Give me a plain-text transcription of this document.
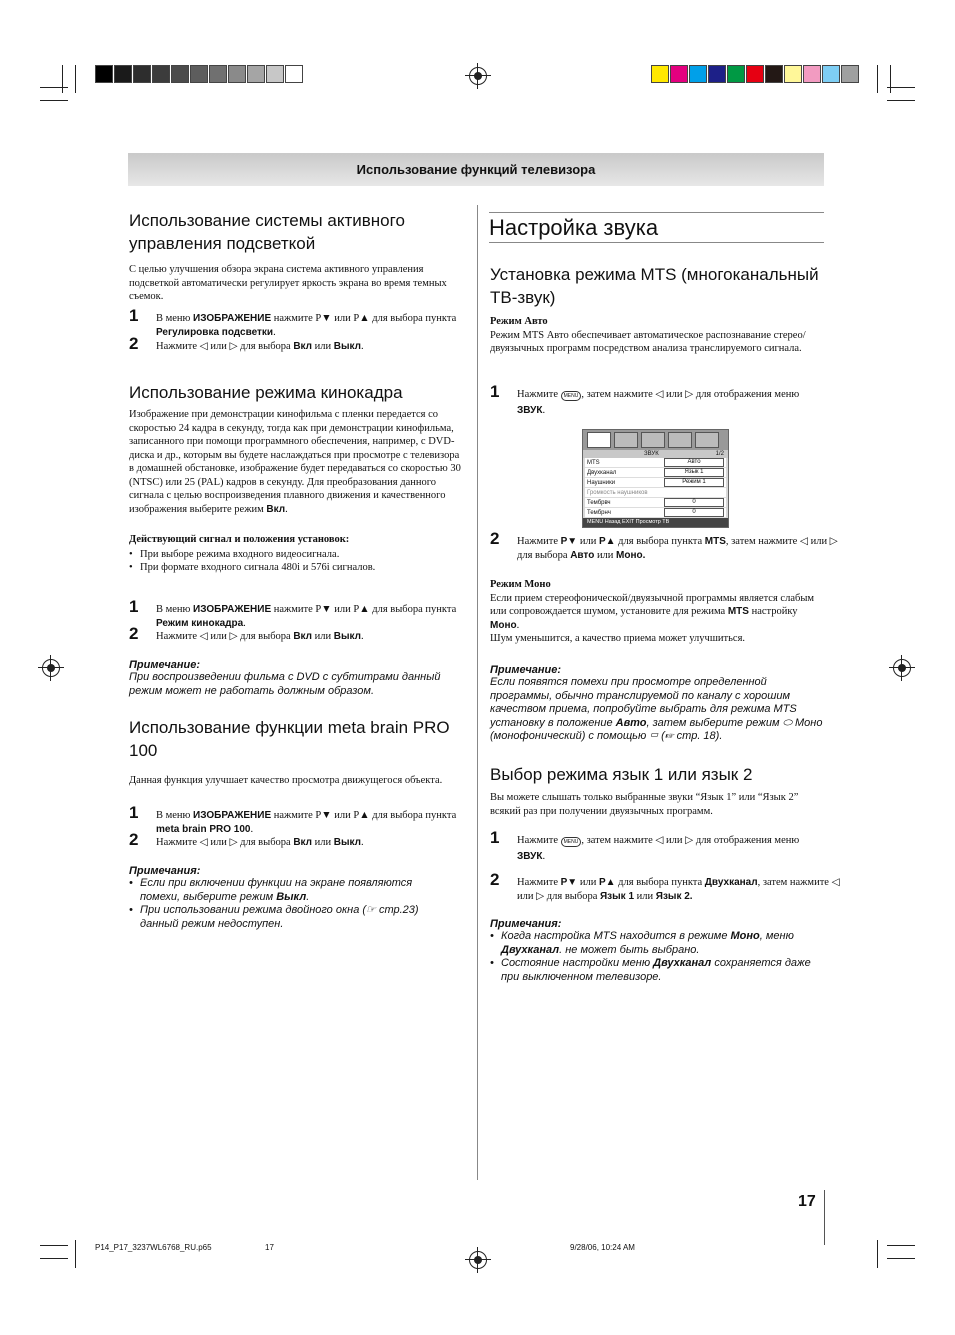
Использование функций телевизора
Использование системы активного управления подсветкой

С целью улучшения обзора экрана система активного управления подсветкой автоматически регулирует яркость экрана во время темных съемок.

1 В меню ИЗОБРАЖЕНИЕ нажмите P▼ или P▲ для выбора пункта Регулировка подсветки.
2 Нажмите ◁ или ▷ для выбора Вкл или Выкл.
Использование режима кинокадра

Изображение при демонстрации кинофильма с пленки передается со скоростью 24 кадра в секунду, тогда как при демонстрации кинофильма, записанного при помощи программного обеспечения, например, с DVD-диска и др., которым вы будете наслаждаться при просмотре с телевизора в домашней обстановке, изображение будет передаваться со скоростью 30 (NTSC) или 25 (PAL) кадров в секунду. Для преобразования данного сигнала с целью воспроизведения плавного движения и качественного изображения выберите режим Вкл.

Действующий сигнал и положения установок:

• При выборе режима входного видеосигнала.

• При формате входного сигнала 480i и 576i сигналов.

1 В меню ИЗОБРАЖЕНИЕ нажмите P▼ или P▲ для выбора пункта Режим кинокадра.
2 Нажмите ◁ или ▷ для выбора Вкл или Выкл.
Примечание:
При воспроизведении фильма с DVD с субтитрами данный режим может не работать должным образом.
Использование функции meta brain PRO 100

Данная функция улучшает качество просмотра движущегося объекта.

1 В меню ИЗОБРАЖЕНИЕ нажмите P▼ или P▲ для выбора пункта meta brain PRO 100.
2 Нажмите ◁ или ▷ для выбора Вкл или Выкл.
Примечания:
• Если при включении функции на экране появляются помехи, выберите режим Выкл.
• При использовании режима двойного окна (☞ стр.23) данный режим недоступен.
Настройка звука
Установка режима MTS (многоканальный ТВ-звук)

Режим Авто

Режим MTS Авто обеспечивает автоматическое распознавание стерео/двуязычных программ посредством анализа транслируемого сигнала.

1 Нажмите MENU , затем нажмите ◁ или ▷ для отображения меню ЗВУК.
ЗВУК	1/2
MTS	Авто
Двухканал	Язык 1
Наушники	Режим 1
Громкость наушников
Тембрвч	0
Тембрнч	0
MENU Назад EXIT Просмотр ТВ
2 Нажмите P▼ или P▲ для выбора пункта MTS, затем нажмите ◁ или ▷ для выбора Авто или Моно.

Режим Моно

Если прием стереофонической/двуязычной программы является слабым или сопровождается шумом, установите для режима MTS настройку Моно.

Шум уменьшится, а качество приема может улучшиться.

Примечание:
Если появятся помехи при просмотре определенной программы, обычно транслируемой по каналу с хорошим качеством приема, попробуйте выбрать для режима MTS установку в положение Авто, затем выберите режим ⬭ Моно (монофонический) с помощью ▭ (☞ стр. 18).
Выбор режима язык 1 или язык 2

Вы можете слышать только выбранные звуки “Язык 1” или “Язык 2” всякий раз при получении двуязычных программ.

1 Нажмите MENU , затем нажмите ◁ или ▷ для отображения меню ЗВУК.
2 Нажмите P▼ или P▲ для выбора пункта Двухканал, затем нажмите ◁ или ▷ для выбора Язык 1 или Язык 2.
Примечания:
• Когда настройка MTS находится в режиме Моно, меню Двухканал. не может быть выбрано.
• Состояние настройки меню Двухканал сохраняется даже при выключенном телевизоре.
17
P14_P17_3237WL6768_RU.p65	17	9/28/06, 10:24 AM
